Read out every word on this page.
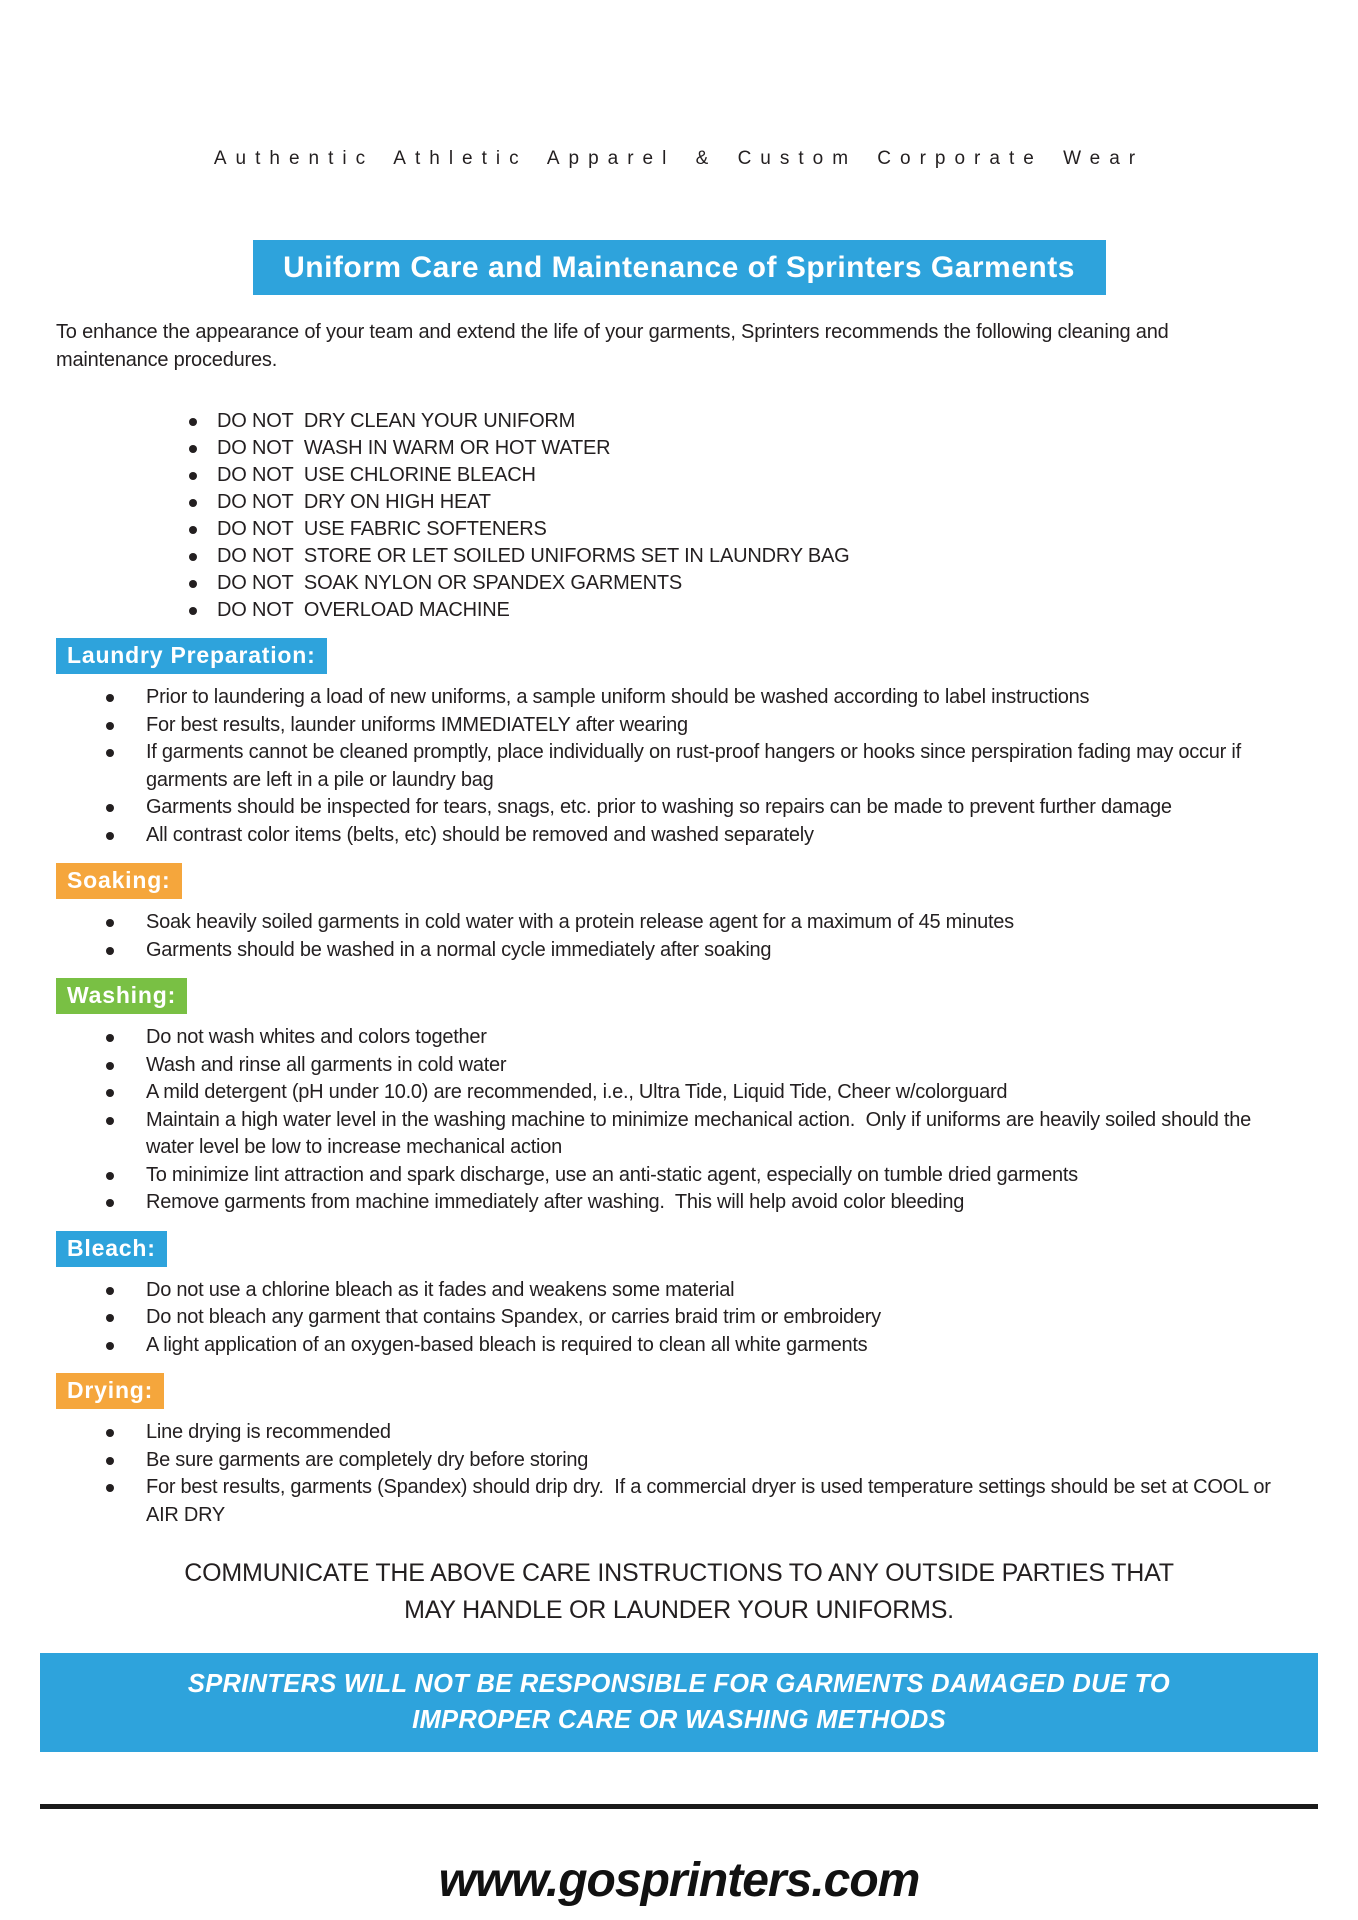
Authentic Athletic Apparel & Custom Corporate Wear
Uniform Care and Maintenance of Sprinters Garments

To enhance the appearance of your team and extend the life of your garments, Sprinters recommends the following cleaning and maintenance procedures.

DO NOT  DRY CLEAN YOUR UNIFORM
DO NOT  WASH IN WARM OR HOT WATER
DO NOT  USE CHLORINE BLEACH
DO NOT  DRY ON HIGH HEAT
DO NOT  USE FABRIC SOFTENERS
DO NOT  STORE OR LET SOILED UNIFORMS SET IN LAUNDRY BAG
DO NOT  SOAK NYLON OR SPANDEX GARMENTS
DO NOT  OVERLOAD MACHINE
Laundry Preparation:
Prior to laundering a load of new uniforms, a sample uniform should be washed according to label instructions
For best results, launder uniforms IMMEDIATELY after wearing
If garments cannot be cleaned promptly, place individually on rust-proof hangers or hooks since perspiration fading may occur if garments are left in a pile or laundry bag
Garments should be inspected for tears, snags, etc. prior to washing so repairs can be made to prevent further damage
All contrast color items (belts, etc) should be removed and washed separately
Soaking:
Soak heavily soiled garments in cold water with a protein release agent for a maximum of 45 minutes
Garments should be washed in a normal cycle immediately after soaking
Washing:
Do not wash whites and colors together
Wash and rinse all garments in cold water
A mild detergent (pH under 10.0) are recommended, i.e., Ultra Tide, Liquid Tide, Cheer w/colorguard
Maintain a high water level in the washing machine to minimize mechanical action.  Only if uniforms are heavily soiled should the water level be low to increase mechanical action
To minimize lint attraction and spark discharge, use an anti-static agent, especially on tumble dried garments
Remove garments from machine immediately after washing.  This will help avoid color bleeding
Bleach:
Do not use a chlorine bleach as it fades and weakens some material
Do not bleach any garment that contains Spandex, or carries braid trim or embroidery
A light application of an oxygen-based bleach is required to clean all white garments
Drying:
Line drying is recommended
Be sure garments are completely dry before storing
For best results, garments (Spandex) should drip dry.  If a commercial dryer is used temperature settings should be set at COOL or AIR DRY
COMMUNICATE THE ABOVE CARE INSTRUCTIONS TO ANY OUTSIDE PARTIES THAT
MAY HANDLE OR LAUNDER YOUR UNIFORMS.
SPRINTERS WILL NOT BE RESPONSIBLE FOR GARMENTS DAMAGED DUE TO
IMPROPER CARE OR WASHING METHODS
www.gosprinters.com
